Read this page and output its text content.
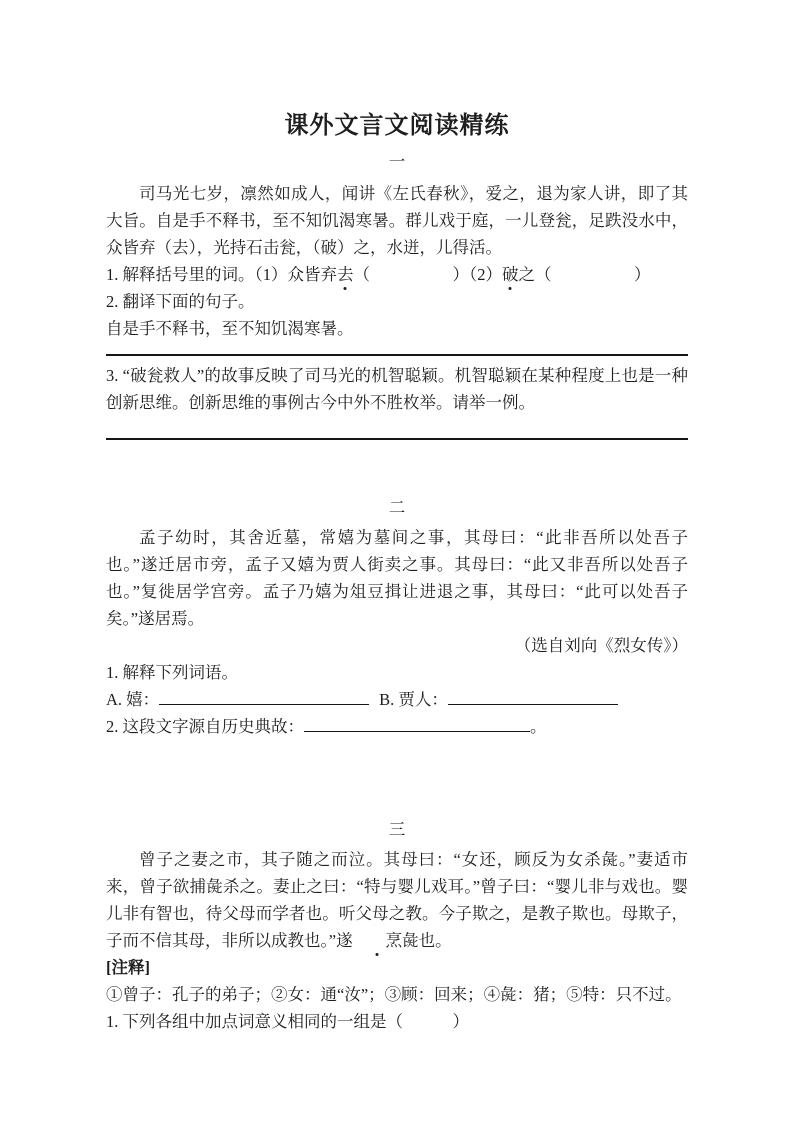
课外文言文阅读精练
一

司马光七岁，凛然如成人，闻讲《左氏春秋》，爱之，退为家人讲，即了其大旨。自是手不释书，至不知饥渴寒暑。群儿戏于庭，一儿登瓮，足跌没水中，众皆弃（去），光持石击瓮，（破）之，水迸，儿得活。

1. 解释括号里的词。（1）众皆弃去（　　　　　）（2）破之（　　　　　）

2. 翻译下面的句子。

自是手不释书，至不知饥渴寒暑。

3. “破瓮救人”的故事反映了司马光的机智聪颖。机智聪颖在某种程度上也是一种创新思维。创新思维的事例古今中外不胜枚举。请举一例。

二

孟子幼时，其舍近墓，常嬉为墓间之事，其母曰：“此非吾所以处吾子也。”遂迁居市旁，孟子又嬉为贾人街卖之事。其母曰：“此又非吾所以处吾子也。”复徙居学宫旁。孟子乃嬉为俎豆揖让进退之事，其母曰：“此可以处吾子矣。”遂居焉。

（选自刘向《烈女传》）

1. 解释下列词语。

A. 嬉：	B. 贾人：

2. 这段文字源自历史典故：	。

三

曾子之妻之市，其子随之而泣。其母曰：“女还，顾反为女杀彘。”妻适市来，曾子欲捕彘杀之。妻止之曰：“特与婴儿戏耳。”曾子曰：“婴儿非与戏也。婴儿非有智也，待父母而学者也。听父母之教。今子欺之，是教子欺也。母欺子，子而不信其母，非所以成教也。”遂 烹彘也。

[注释]

①曾子：孔子的弟子；②女：通“汝”；③顾：回来；④彘：猪；⑤特：只不过。

1. 下列各组中加点词意义相同的一组是（　　　）
